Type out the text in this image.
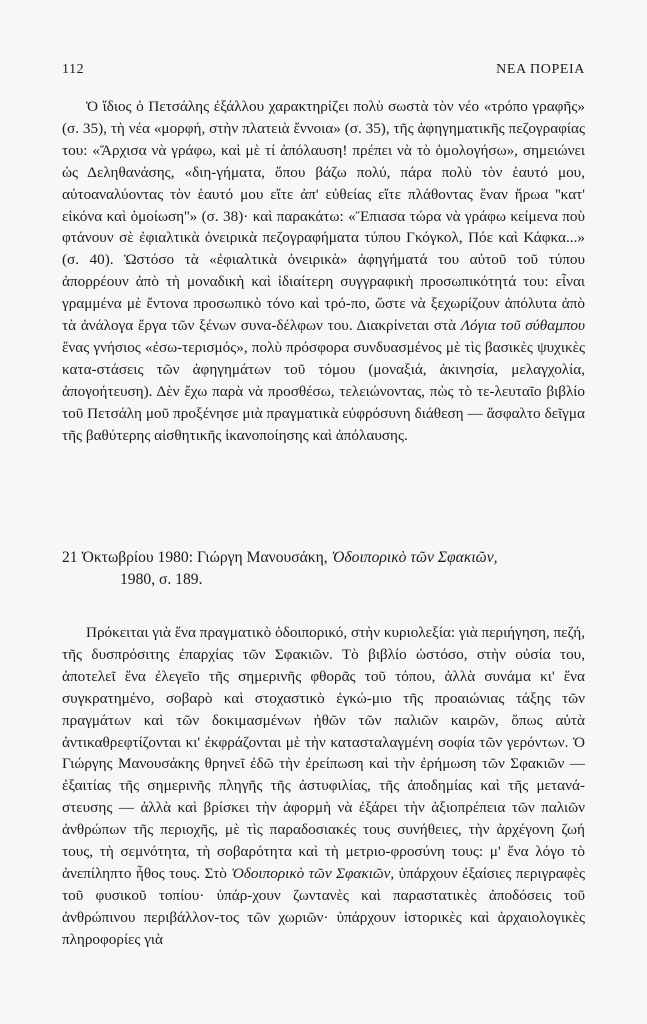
112	ΝΕΑ ΠΟΡΕΙΑ
Ὁ ἴδιος ὁ Πετσάλης ἐξάλλου χαρακτηρίζει πολὺ σωστὰ τὸν νέο «τρόπο γραφῆς» (σ. 35), τὴ νέα «μορφή, στὴν πλατειὰ ἔννοια» (σ. 35), τῆς ἀφηγηματικῆς πεζογραφίας του: «Ἄρχισα νὰ γράφω, καὶ μὲ τί ἀπόλαυση! πρέπει νὰ τὸ ὁμολογήσω», σημειώνει ὡς Δεληθανάσης, «διη-γήματα, ὅπου βάζω πολύ, πάρα πολὺ τὸν ἑαυτό μου, αὐτοαναλύοντας τὸν ἑαυτό μου εἴτε ἀπ' εὐθείας εἴτε πλάθοντας ἕναν ἥρωα ''κατ' εἰκόνα καὶ ὁμοίωση''» (σ. 38)· καὶ παρακάτω: «Ἔπιασα τώρα νὰ γράφω κείμενα ποὺ φτάνουν σὲ ἐφιαλτικὰ ὀνειρικὰ πεζογραφήματα τύπου Γκόγκολ, Πόε καὶ Κάφκα...» (σ. 40). Ὡστόσο τὰ «ἐφιαλτικὰ ὀνειρικὰ» ἀφηγήματά του αὐτοῦ τοῦ τύπου ἀπορρέουν ἀπὸ τὴ μοναδικὴ καὶ ἰδιαίτερη συγγραφικὴ προσωπικότητά του: εἶναι γραμμένα μὲ ἔντονα προσωπικὸ τόνο καὶ τρό-πο, ὥστε νὰ ξεχωρίζουν ἀπόλυτα ἀπὸ τὰ ἀνάλογα ἔργα τῶν ξένων συνα-δέλφων του. Διακρίνεται στὰ Λόγια τοῦ σύθαμπου ἕνας γνήσιος «ἐσω-τερισμός», πολὺ πρόσφορα συνδυασμένος μὲ τὶς βασικὲς ψυχικὲς κατα-στάσεις τῶν ἀφηγημάτων τοῦ τόμου (μοναξιά, ἀκινησία, μελαγχολία, ἀπογοήτευση). Δὲν ἔχω παρὰ νὰ προσθέσω, τελειώνοντας, πὼς τὸ τε-λευταῖο βιβλίο τοῦ Πετσάλη μοῦ προξένησε μιὰ πραγματικὰ εὐφρόσυνη διάθεση — ἄσφαλτο δεῖγμα τῆς βαθύτερης αἰσθητικῆς ἱκανοποίησης καὶ ἀπόλαυσης.
21 Ὀκτωβρίου 1980: Γιώργη Μανουσάκη, Ὁδοιπορικὸ τῶν Σφακιῶν,
1980, σ. 189.
Πρόκειται γιὰ ἕνα πραγματικὸ ὁδοιπορικό, στὴν κυριολεξία: γιὰ περιήγηση, πεζή, τῆς δυσπρόσιτης ἐπαρχίας τῶν Σφακιῶν. Τὸ βιβλίο ὡστόσο, στὴν οὐσία του, ἀποτελεῖ ἕνα ἐλεγεῖο τῆς σημερινῆς φθορᾶς τοῦ τόπου, ἀλλὰ συνάμα κι' ἕνα συγκρατημένο, σοβαρὸ καὶ στοχαστικὸ ἐγκώ-μιο τῆς προαιώνιας τάξης τῶν πραγμάτων καὶ τῶν δοκιμασμένων ἠθῶν τῶν παλιῶν καιρῶν, ὅπως αὐτὰ ἀντικαθρεφτίζονται κι' ἐκφράζονται μὲ τὴν κατασταλαγμένη σοφία τῶν γερόντων. Ὁ Γιώργης Μανουσάκης θρηνεῖ ἐδῶ τὴν ἐρείπωση καὶ τὴν ἐρήμωση τῶν Σφακιῶν — ἐξαιτίας τῆς σημερινῆς πληγῆς τῆς ἀστυφιλίας, τῆς ἀποδημίας καὶ τῆς μετανά-στευσης — ἀλλὰ καὶ βρίσκει τὴν ἀφορμὴ νὰ ἐξάρει τὴν ἀξιοπρέπεια τῶν παλιῶν ἀνθρώπων τῆς περιοχῆς, μὲ τὶς παραδοσιακές τους συνήθειες, τὴν ἀρχέγονη ζωή τους, τὴ σεμνότητα, τὴ σοβαρότητα καὶ τὴ μετριο-φροσύνη τους: μ' ἕνα λόγο τὸ ἀνεπίληπτο ἦθος τους. Στὸ Ὁδοιπορικὸ τῶν Σφακιῶν, ὑπάρχουν ἐξαίσιες περιγραφὲς τοῦ φυσικοῦ τοπίου· ὑπάρ-χουν ζωντανὲς καὶ παραστατικὲς ἀποδόσεις τοῦ ἀνθρώπινου περιβάλλον-τος τῶν χωριῶν· ὑπάρχουν ἱστορικὲς καὶ ἀρχαιολογικὲς πληροφορίες γιὰ
